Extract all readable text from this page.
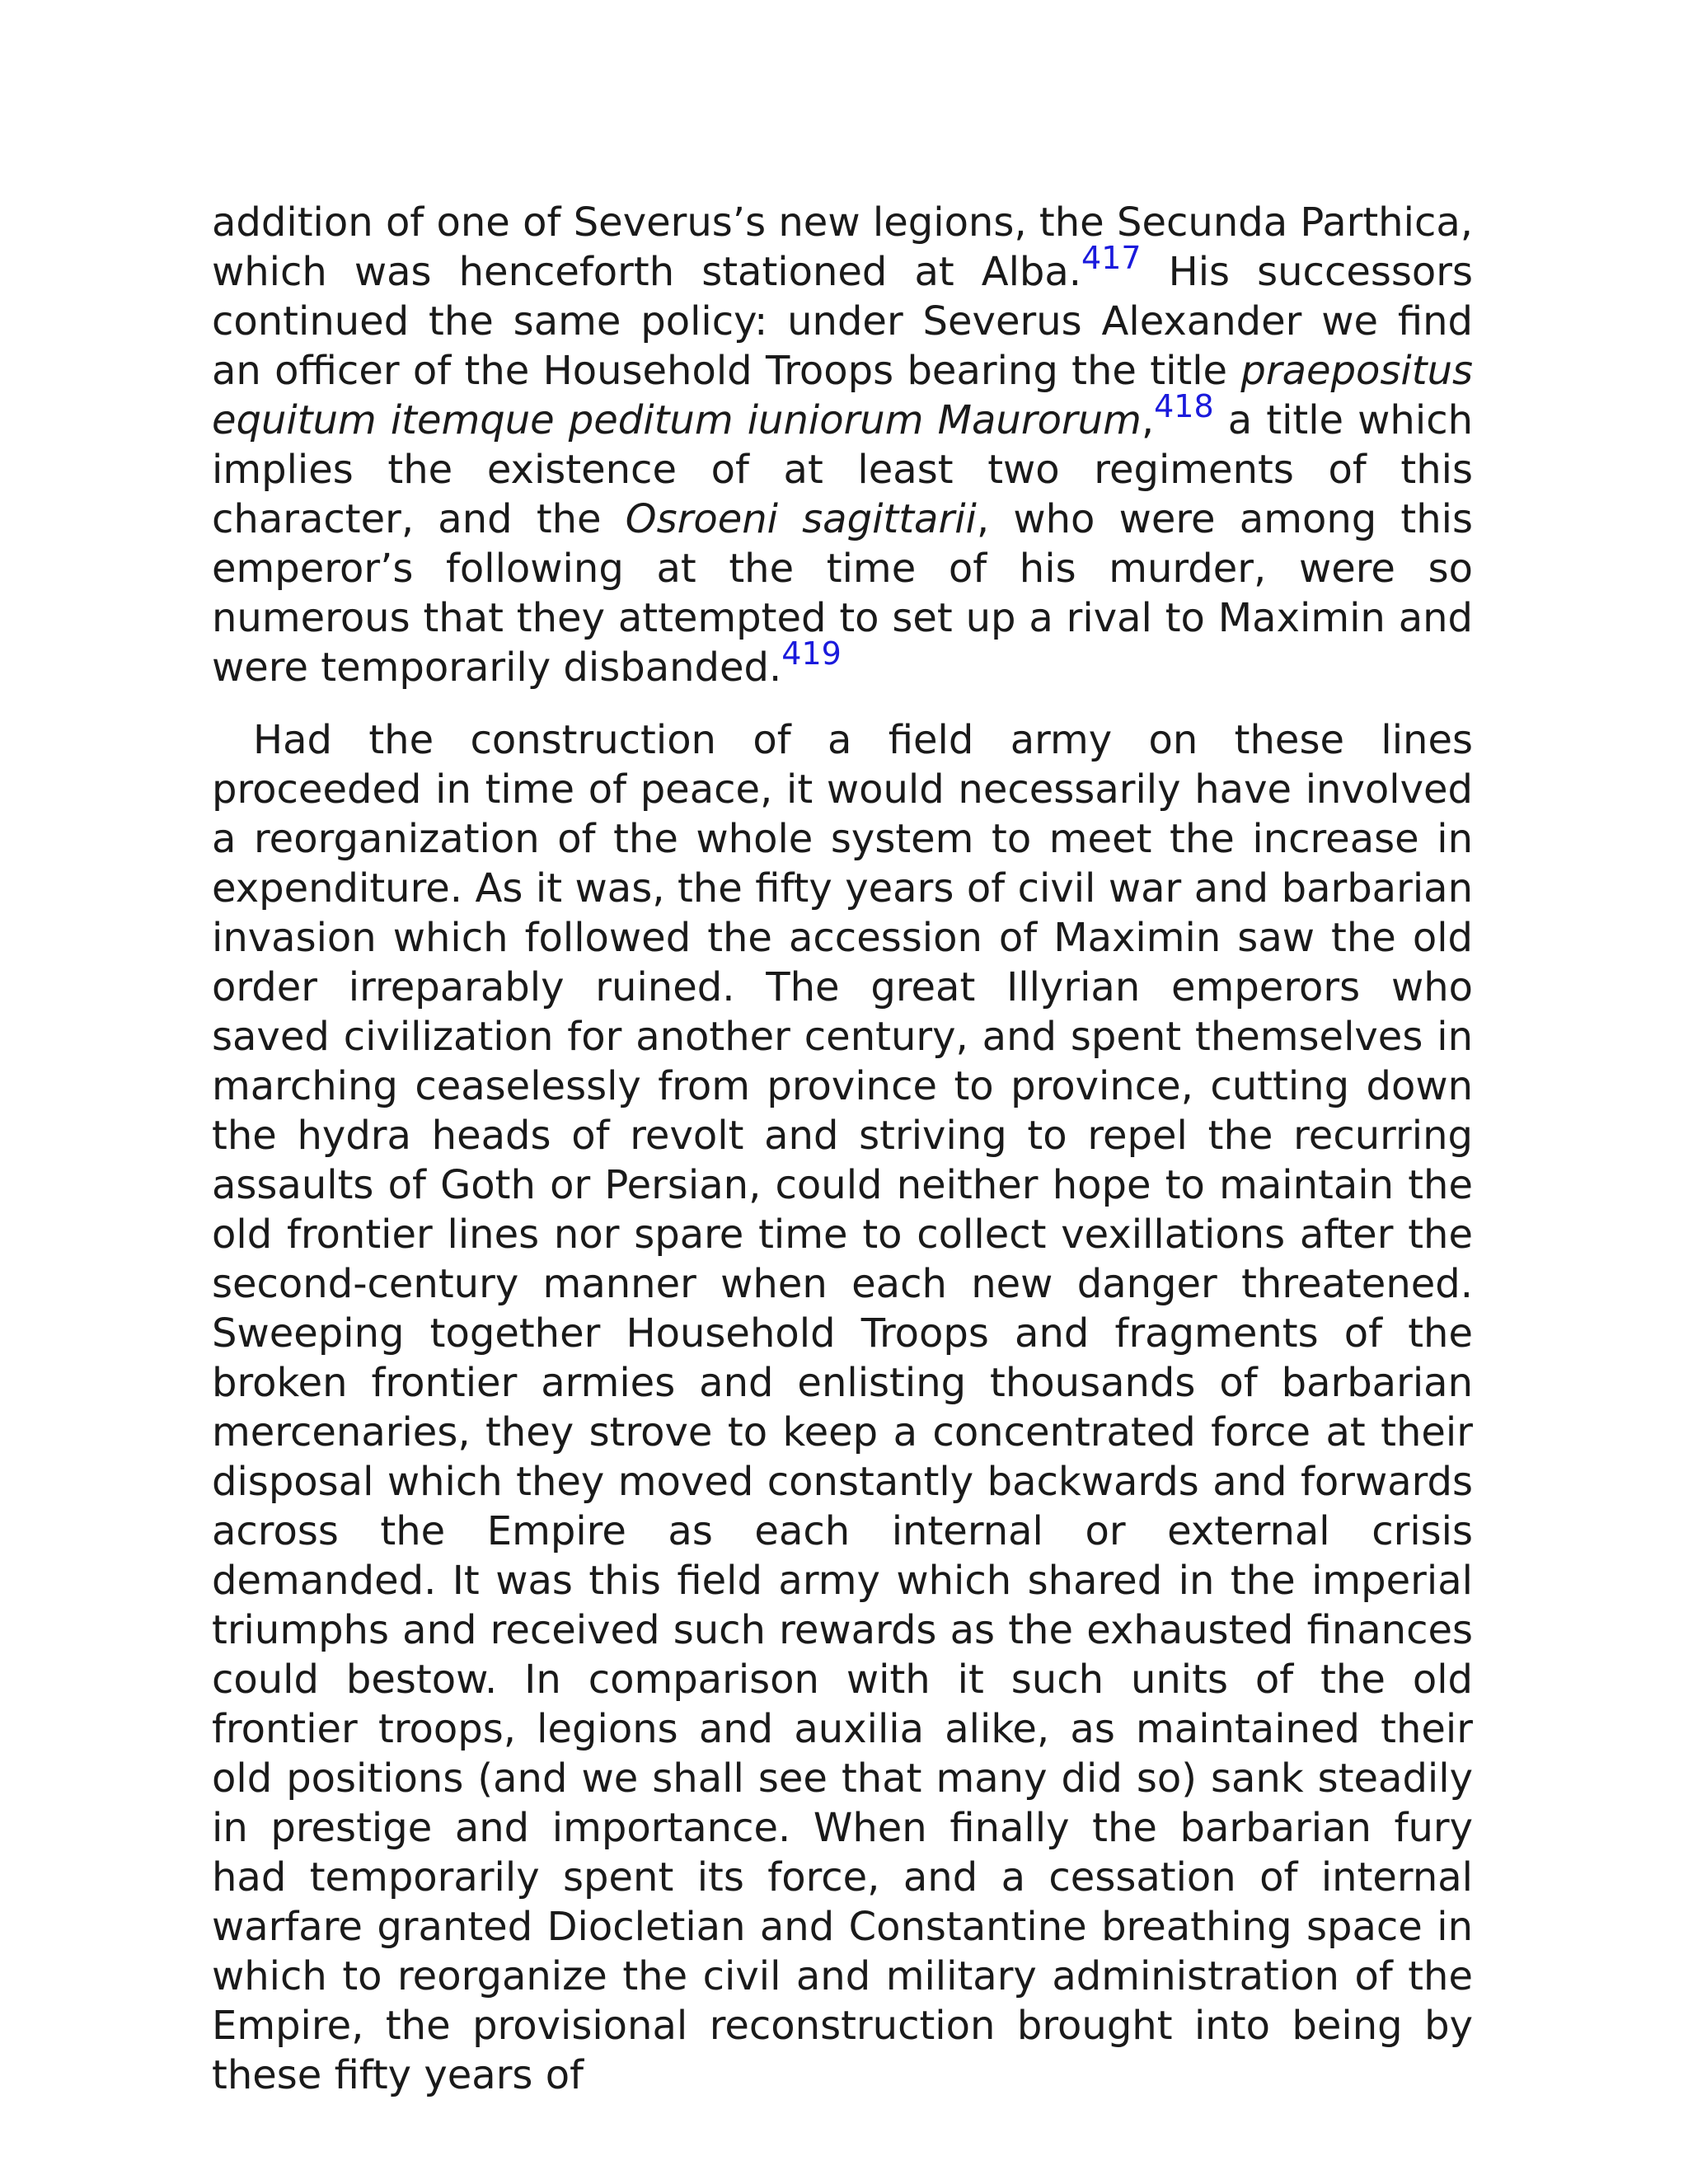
addition of one of Severus’s new legions, the Secunda Parthica, which was henceforth stationed at Alba.$^{417}$ His successors continued the same policy: under Severus Alexander we find an officer of the Household Troops bearing the title praepositus equitum itemque peditum iuniorum Maurorum,$^{418}$ a title which implies the existence of at least two regiments of this character, and the Osroeni sagittarii, who were among this emperor’s following at the time of his murder, were so numerous that they attempted to set up a rival to Maximin and were temporarily disbanded.$^{419}$

Had the construction of a field army on these lines proceeded in time of peace, it would necessarily have involved a reorganization of the whole system to meet the increase in expenditure. As it was, the fifty years of civil war and barbarian invasion which followed the accession of Maximin saw the old order irreparably ruined. The great Illyrian emperors who saved civilization for another century, and spent themselves in marching ceaselessly from province to province, cutting down the hydra heads of revolt and striving to repel the recurring assaults of Goth or Persian, could neither hope to maintain the old frontier lines nor spare time to collect vexillations after the second-century manner when each new danger threatened. Sweeping together Household Troops and fragments of the broken frontier armies and enlisting thousands of barbarian mercenaries, they strove to keep a concentrated force at their disposal which they moved constantly backwards and forwards across the Empire as each internal or external crisis demanded. It was this field army which shared in the imperial triumphs and received such rewards as the exhausted finances could bestow. In comparison with it such units of the old frontier troops, legions and auxilia alike, as maintained their old positions (and we shall see that many did so) sank steadily in prestige and importance. When finally the barbarian fury had temporarily spent its force, and a cessation of internal warfare granted Diocletian and Constantine breathing space in which to reorganize the civil and military administration of the Empire, the provisional reconstruction brought into being by these fifty years of
